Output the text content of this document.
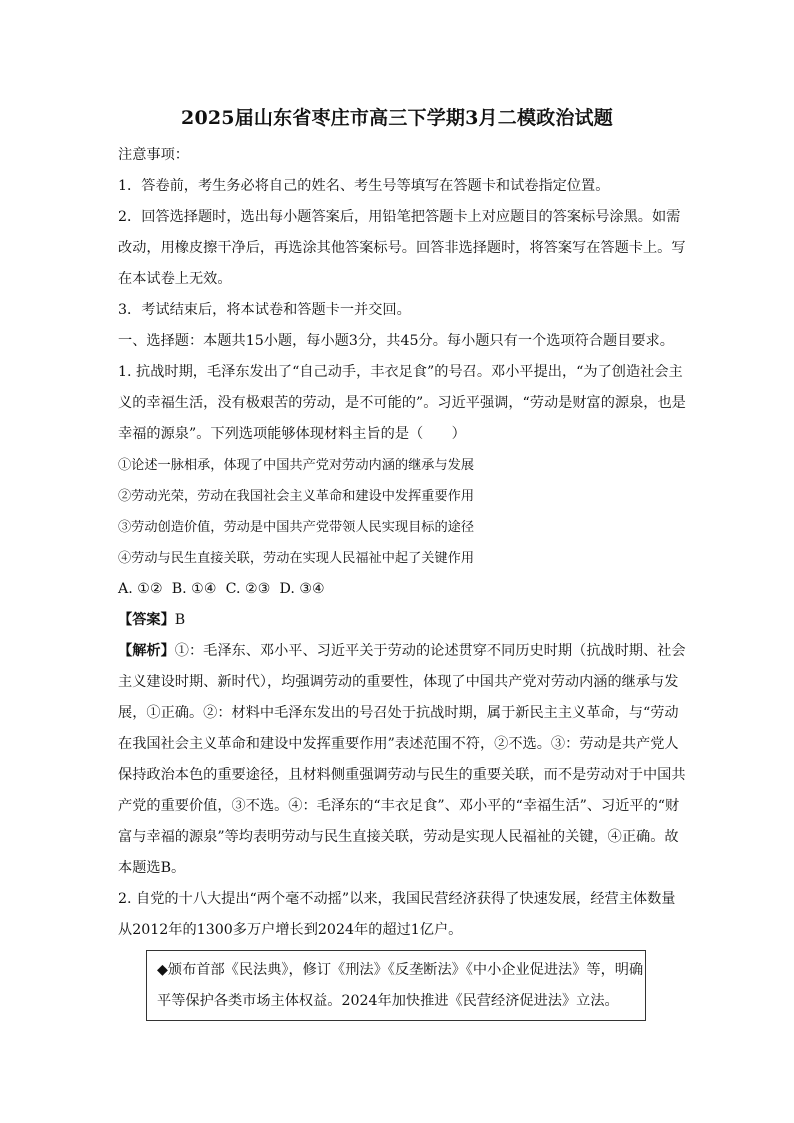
2025届山东省枣庄市高三下学期3月二模政治试题

注意事项：

1．答卷前，考生务必将自己的姓名、考生号等填写在答题卡和试卷指定位置。

2．回答选择题时，选出每小题答案后，用铅笔把答题卡上对应题目的答案标号涂黑。如需
改动，用橡皮擦干净后，再选涂其他答案标号。回答非选择题时，将答案写在答题卡上。写
在本试卷上无效。

3．考试结束后，将本试卷和答题卡一并交回。

一、选择题：本题共15小题，每小题3分，共45分。每小题只有一个选项符合题目要求。

1. 抗战时期，毛泽东发出了“自己动手，丰衣足食”的号召。邓小平提出，“为了创造社会主
义的幸福生活，没有极艰苦的劳动，是不可能的”。习近平强调，“劳动是财富的源泉，也是
幸福的源泉”。下列选项能够体现材料主旨的是（　　）

①论述一脉相承，体现了中国共产党对劳动内涵的继承与发展

②劳动光荣，劳动在我国社会主义革命和建设中发挥重要作用

③劳动创造价值，劳动是中国共产党带领人民实现目标的途径

④劳动与民生直接关联，劳动在实现人民福祉中起了关键作用

A. ①②  B. ①④  C. ②③  D. ③④

【答案】B

【解析】①：毛泽东、邓小平、习近平关于劳动的论述贯穿不同历史时期（抗战时期、社会
主义建设时期、新时代），均强调劳动的重要性，体现了中国共产党对劳动内涵的继承与发
展，①正确。②：材料中毛泽东发出的号召处于抗战时期，属于新民主主义革命，与“劳动
在我国社会主义革命和建设中发挥重要作用”表述范围不符，②不选。③：劳动是共产党人
保持政治本色的重要途径，且材料侧重强调劳动与民生的重要关联，而不是劳动对于中国共
产党的重要价值，③不选。④：毛泽东的“丰衣足食”、邓小平的“幸福生活”、习近平的“财
富与幸福的源泉”等均表明劳动与民生直接关联，劳动是实现人民福祉的关键，④正确。故
本题选B。

2. 自党的十八大提出“两个毫不动摇”以来，我国民营经济获得了快速发展，经营主体数量
从2012年的1300多万户增长到2024年的超过1亿户。

◆颁布首部《民法典》，修订《刑法》《反垄断法》《中小企业促进法》等，明确
平等保护各类市场主体权益。2024年加快推进《民营经济促进法》立法。
